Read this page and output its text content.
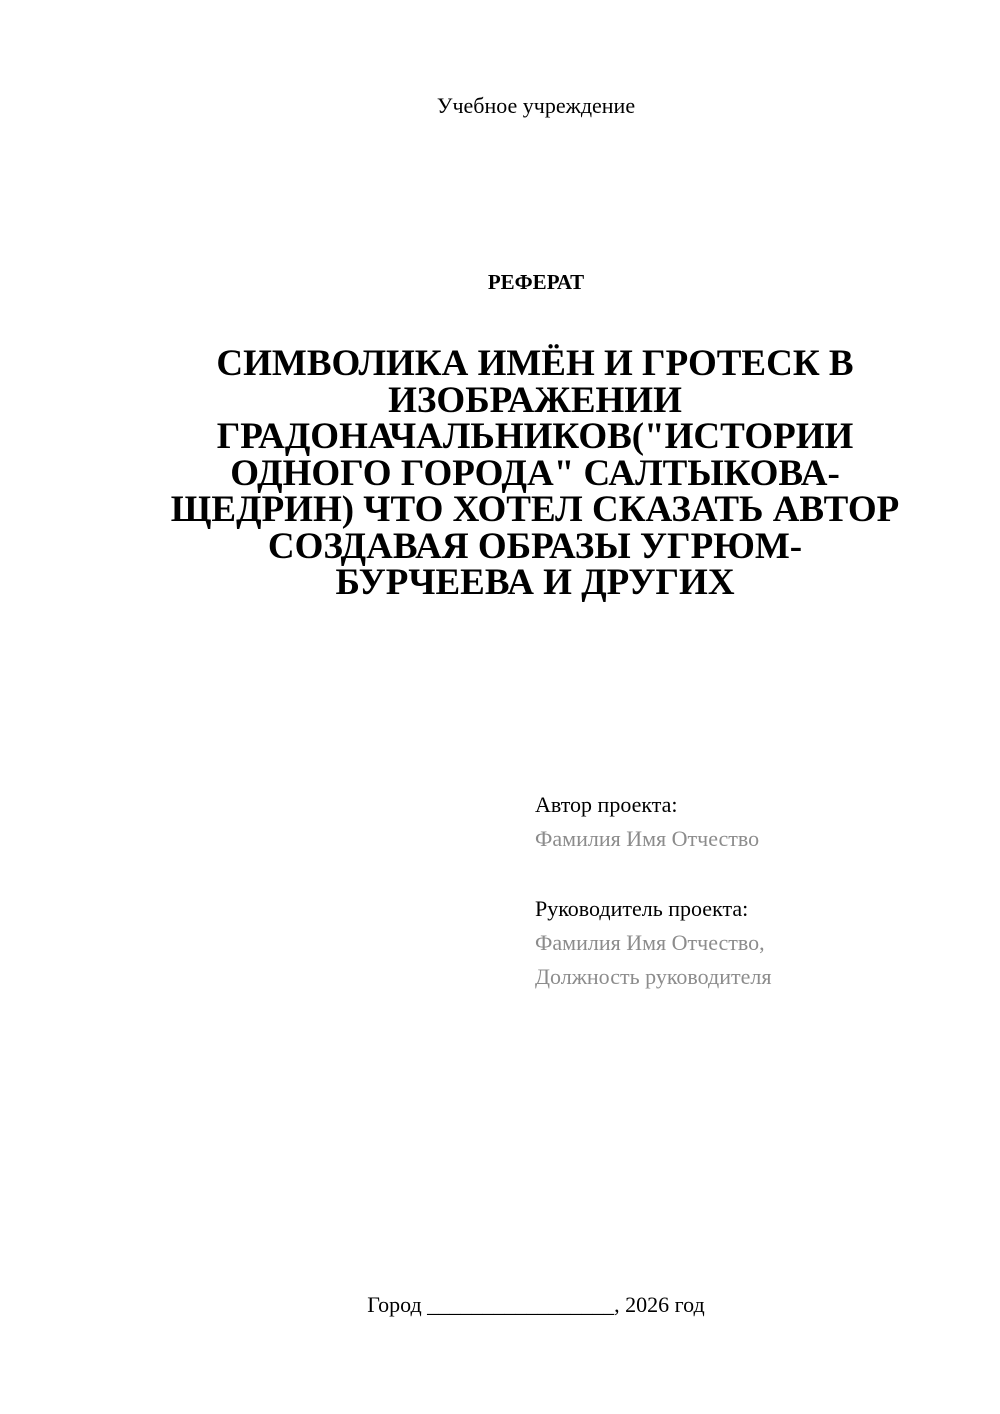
Учебное учреждение
РЕФЕРАТ
СИМВОЛИКА ИМЁН И ГРОТЕСК В ИЗОБРАЖЕНИИ ГРАДОНАЧАЛЬНИКОВ("ИСТОРИИ ОДНОГО ГОРОДА" САЛТЫКОВА-ЩЕДРИН) ЧТО ХОТЕЛ СКАЗАТЬ АВТОР СОЗДАВАЯ ОБРАЗЫ УГРЮМ-БУРЧЕЕВА И ДРУГИХ
Автор проекта:
Фамилия Имя Отчество
Руководитель проекта:
Фамилия Имя Отчество,
Должность руководителя
Город _________________, 2026 год
